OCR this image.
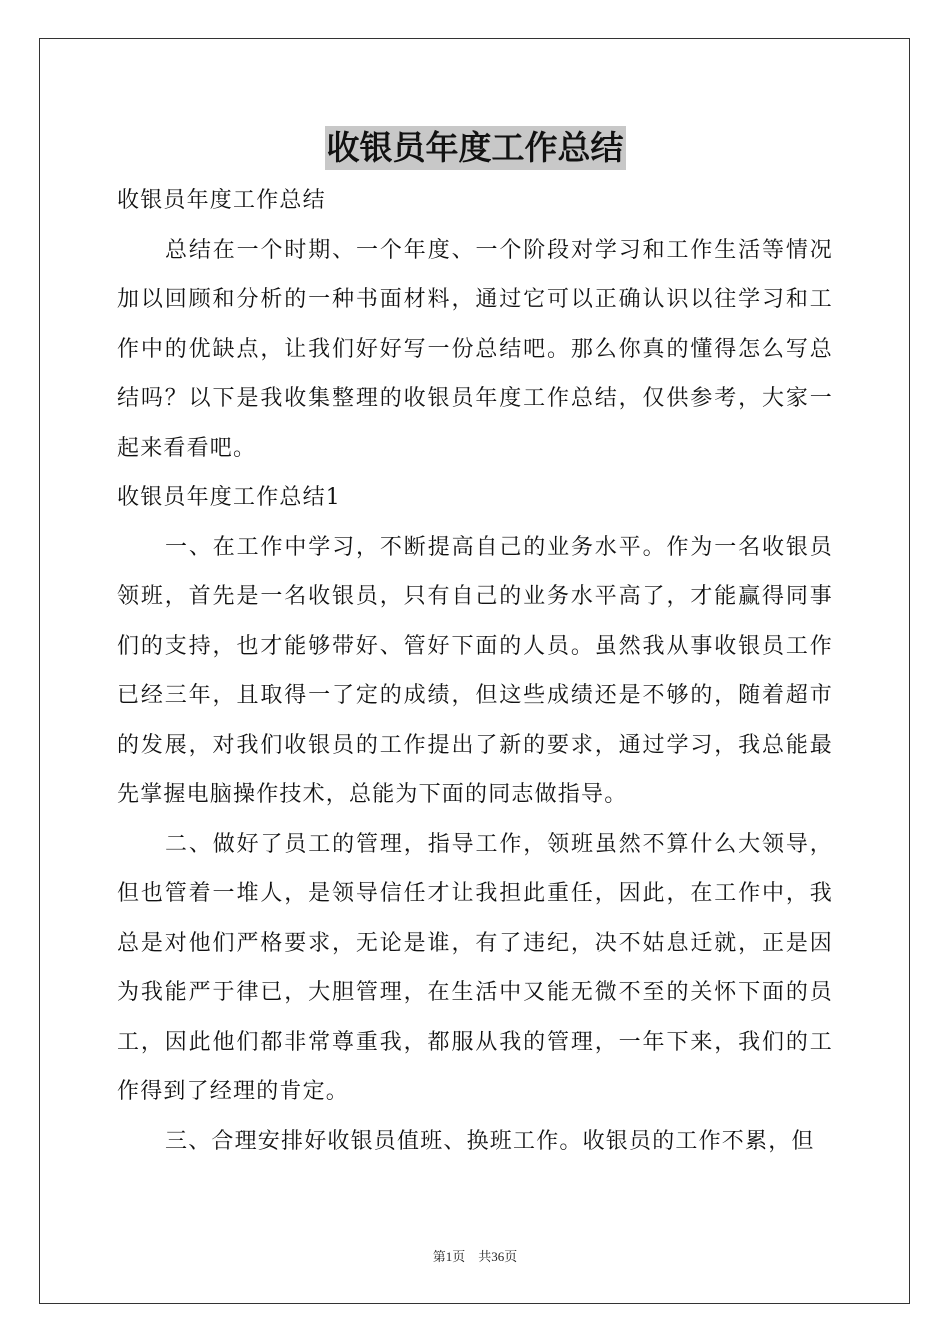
收银员年度工作总结

收银员年度工作总结

总结在一个时期、一个年度、一个阶段对学习和工作生活等情况加以回顾和分析的一种书面材料，通过它可以正确认识以往学习和工作中的优缺点，让我们好好写一份总结吧。那么你真的懂得怎么写总结吗？以下是我收集整理的收银员年度工作总结，仅供参考，大家一起来看看吧。

收银员年度工作总结1

一、在工作中学习，不断提高自己的业务水平。作为一名收银员领班，首先是一名收银员，只有自己的业务水平高了，才能赢得同事们的支持，也才能够带好、管好下面的人员。虽然我从事收银员工作已经三年，且取得一了定的成绩，但这些成绩还是不够的，随着超市的发展，对我们收银员的工作提出了新的要求，通过学习，我总能最先掌握电脑操作技术，总能为下面的同志做指导。

二、做好了员工的管理，指导工作，领班虽然不算什么大领导，但也管着一堆人，是领导信任才让我担此重任，因此，在工作中，我总是对他们严格要求，无论是谁，有了违纪，决不姑息迁就，正是因为我能严于律已，大胆管理，在生活中又能无微不至的关怀下面的员工，因此他们都非常尊重我，都服从我的管理，一年下来，我们的工作得到了经理的肯定。

三、合理安排好收银员值班、换班工作。收银员的工作不累，但

第1页　共36页
